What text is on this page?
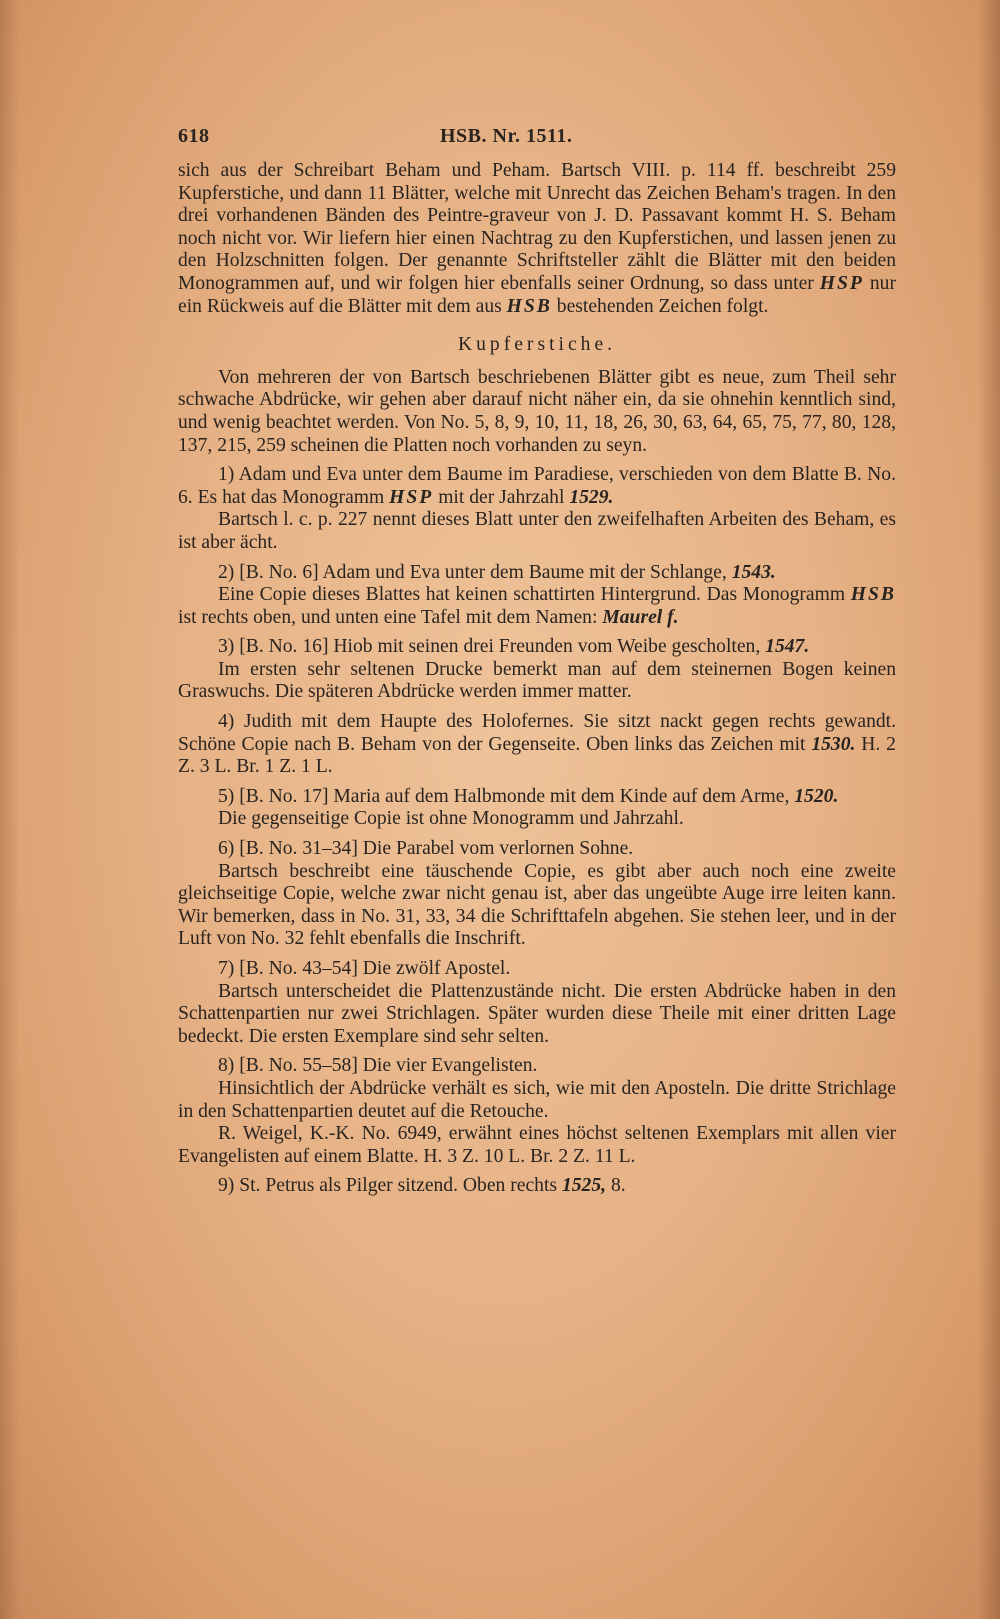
618	HSB. Nr. 1511.

sich aus der Schreibart Beham und Peham. Bartsch VIII. p. 114 ff. beschreibt 259 Kupferstiche, und dann 11 Blätter, welche mit Unrecht das Zeichen Beham's tragen. In den drei vorhandenen Bänden des Peintre-graveur von J. D. Passavant kommt H. S. Beham noch nicht vor. Wir liefern hier einen Nachtrag zu den Kupferstichen, und lassen jenen zu den Holzschnitten folgen. Der genannte Schriftsteller zählt die Blätter mit den beiden Monogrammen auf, und wir folgen hier ebenfalls seiner Ordnung, so dass unter HSP nur ein Rückweis auf die Blätter mit dem aus HSB bestehenden Zeichen folgt.

Kupferstiche.

Von mehreren der von Bartsch beschriebenen Blätter gibt es neue, zum Theil sehr schwache Abdrücke, wir gehen aber darauf nicht näher ein, da sie ohnehin kenntlich sind, und wenig beachtet werden. Von No. 5, 8, 9, 10, 11, 18, 26, 30, 63, 64, 65, 75, 77, 80, 128, 137, 215, 259 scheinen die Platten noch vorhanden zu seyn.

1) Adam und Eva unter dem Baume im Paradiese, verschieden von dem Blatte B. No. 6. Es hat das Monogramm HSP mit der Jahrzahl 1529.

Bartsch l. c. p. 227 nennt dieses Blatt unter den zweifelhaften Arbeiten des Beham, es ist aber ächt.

2) [B. No. 6] Adam und Eva unter dem Baume mit der Schlange, 1543.

Eine Copie dieses Blattes hat keinen schattirten Hintergrund. Das Monogramm HSB ist rechts oben, und unten eine Tafel mit dem Namen: Maurel f.

3) [B. No. 16] Hiob mit seinen drei Freunden vom Weibe gescholten, 1547.

Im ersten sehr seltenen Drucke bemerkt man auf dem steinernen Bogen keinen Graswuchs. Die späteren Abdrücke werden immer matter.

4) Judith mit dem Haupte des Holofernes. Sie sitzt nackt gegen rechts gewandt. Schöne Copie nach B. Beham von der Gegenseite. Oben links das Zeichen mit 1530. H. 2 Z. 3 L. Br. 1 Z. 1 L.

5) [B. No. 17] Maria auf dem Halbmonde mit dem Kinde auf dem Arme, 1520.

Die gegenseitige Copie ist ohne Monogramm und Jahrzahl.

6) [B. No. 31–34] Die Parabel vom verlornen Sohne.

Bartsch beschreibt eine täuschende Copie, es gibt aber auch noch eine zweite gleichseitige Copie, welche zwar nicht genau ist, aber das ungeübte Auge irre leiten kann. Wir bemerken, dass in No. 31, 33, 34 die Schrifttafeln abgehen. Sie stehen leer, und in der Luft von No. 32 fehlt ebenfalls die Inschrift.

7) [B. No. 43–54] Die zwölf Apostel.

Bartsch unterscheidet die Plattenzustände nicht. Die ersten Abdrücke haben in den Schattenpartien nur zwei Strichlagen. Später wurden diese Theile mit einer dritten Lage bedeckt. Die ersten Exemplare sind sehr selten.

8) [B. No. 55–58] Die vier Evangelisten.

Hinsichtlich der Abdrücke verhält es sich, wie mit den Aposteln. Die dritte Strichlage in den Schattenpartien deutet auf die Retouche.

R. Weigel, K.-K. No. 6949, erwähnt eines höchst seltenen Exemplars mit allen vier Evangelisten auf einem Blatte. H. 3 Z. 10 L. Br. 2 Z. 11 L.

9) St. Petrus als Pilger sitzend. Oben rechts 1525, 8.
